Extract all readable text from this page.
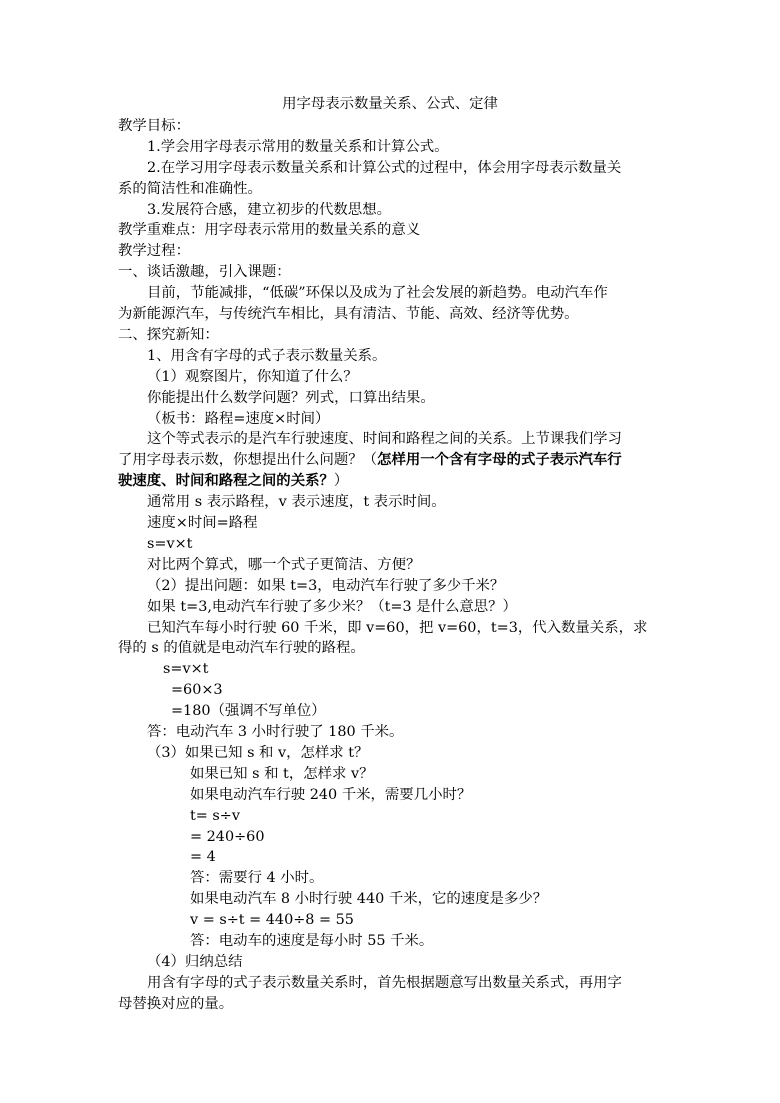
用字母表示数量关系、公式、定律
教学目标：
1.学会用字母表示常用的数量关系和计算公式。
2.在学习用字母表示数量关系和计算公式的过程中，体会用字母表示数量关
系的简洁性和准确性。
3.发展符合感，建立初步的代数思想。
教学重难点：用字母表示常用的数量关系的意义
教学过程：
一、谈话激趣，引入课题：
目前，节能减排，“低碳”环保以及成为了社会发展的新趋势。电动汽车作
为新能源汽车，与传统汽车相比，具有清洁、节能、高效、经济等优势。
二、探究新知：
1、用含有字母的式子表示数量关系。
（1）观察图片，你知道了什么？
你能提出什么数学问题？列式，口算出结果。
（板书：路程=速度×时间）
这个等式表示的是汽车行驶速度、时间和路程之间的关系。上节课我们学习
了用字母表示数，你想提出什么问题？（怎样用一个含有字母的式子表示汽车行
驶速度、时间和路程之间的关系？）
通常用 s 表示路程，v 表示速度，t 表示时间。
速度×时间=路程
s=v×t
对比两个算式，哪一个式子更简洁、方便？
（2）提出问题：如果 t=3，电动汽车行驶了多少千米？
如果 t=3,电动汽车行驶了多少米？（t=3 是什么意思？）
已知汽车每小时行驶 60 千米，即 v=60，把 v=60，t=3，代入数量关系，求
得的 s 的值就是电动汽车行驶的路程。
s=v×t
=60×3
=180（强调不写单位）
答：电动汽车 3 小时行驶了 180 千米。
（3）如果已知 s 和 v，怎样求 t？
如果已知 s 和 t，怎样求 v？
如果电动汽车行驶 240 千米，需要几小时？
t= s÷v
= 240÷60
= 4
答：需要行 4 小时。
如果电动汽车 8 小时行驶 440 千米，它的速度是多少？
v = s÷t = 440÷8 = 55
答：电动车的速度是每小时 55 千米。
（4）归纳总结
用含有字母的式子表示数量关系时，首先根据题意写出数量关系式，再用字
母替换对应的量。
